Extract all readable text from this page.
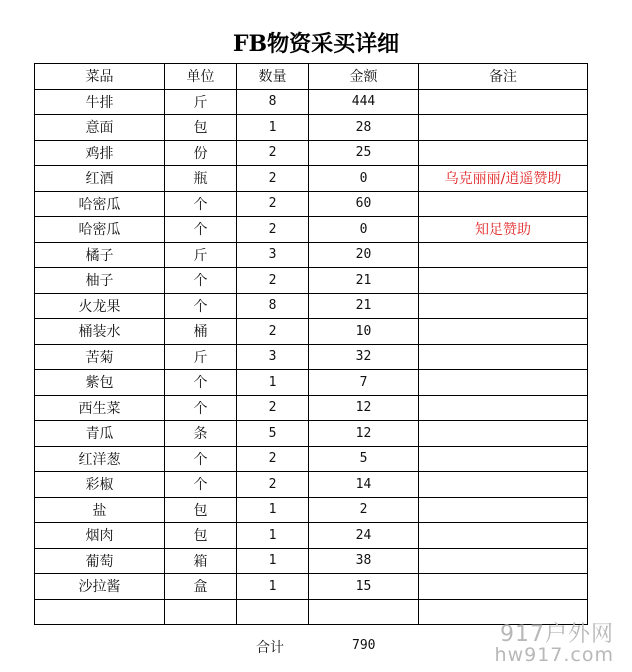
FB物资采买详细
菜品	单位	数量	金额	备注
牛排	斤	8	444	
意面	包	1	28	
鸡排	份	2	25	
红酒	瓶	2	0	乌克丽丽/逍遥赞助
哈密瓜	个	2	60	
哈密瓜	个	2	0	知足赞助
橘子	斤	3	20	
柚子	个	2	21	
火龙果	个	8	21	
桶装水	桶	2	10	
苦菊	斤	3	32	
紫包	个	1	7	
西生菜	个	2	12	
青瓜	条	5	12	
红洋葱	个	2	5	
彩椒	个	2	14	
盐	包	1	2	
烟肉	包	1	24	
葡萄	箱	1	38	
沙拉酱	盒	1	15	

合计	790	917户外网
hw917.com
